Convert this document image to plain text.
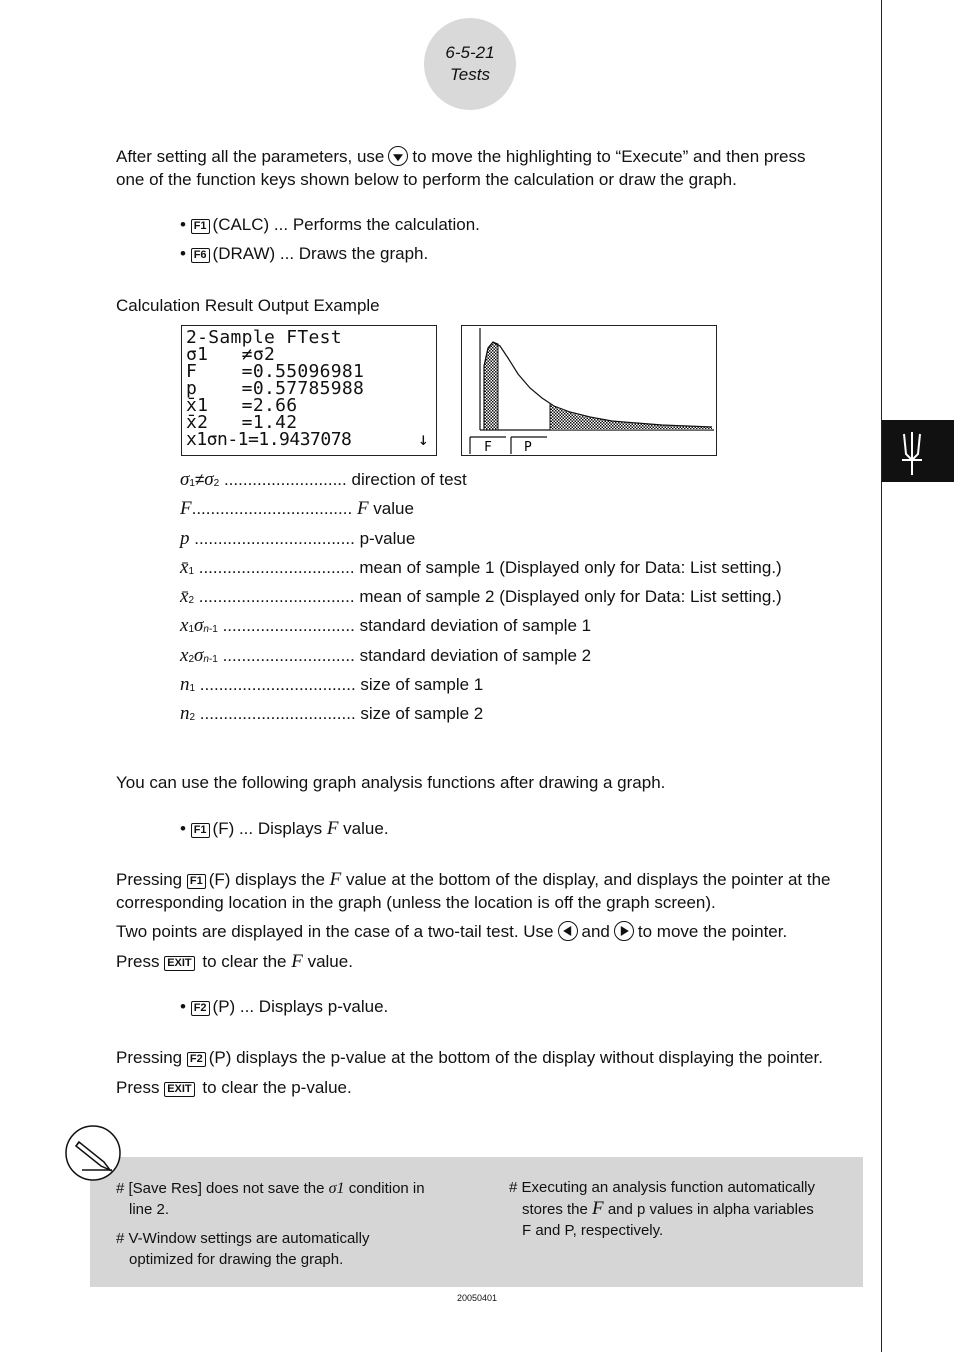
6-5-21
Tests
After setting all the parameters, use to move the highlighting to “Execute” and then press
one of the function keys shown below to perform the calculation or draw the graph.
• F1 (CALC) ... Performs the calculation.
• F6 (DRAW) ... Draws the graph.
Calculation Result Output Example
2-Sample FTest
σ1   ≠σ2
F    =0.55096981
p    =0.57785988
x̄1   =2.66
x̄2   =1.42
x1σn-1=1.9437078	↓	F P
σ1≠σ2 .......................... direction of test
F.................................. F value
p .................................. p-value
x̄1 ................................. mean of sample 1 (Displayed only for Data: List setting.)
x̄2 ................................. mean of sample 2 (Displayed only for Data: List setting.)
x1σn-1 ............................ standard deviation of sample 1
x2σn-1 ............................ standard deviation of sample 2
n1 ................................. size of sample 1
n2 ................................. size of sample 2
You can use the following graph analysis functions after drawing a graph.
• F1 (F) ... Displays F value.
Pressing F1 (F) displays the F value at the bottom of the display, and displays the pointer at the
corresponding location in the graph (unless the location is off the graph screen).
Two points are displayed in the case of a two-tail test. Use and to move the pointer.
Press EXIT to clear the F value.
• F2 (P) ... Displays p-value.
Pressing F2 (P) displays the p-value at the bottom of the display without displaying the pointer.
Press EXIT to clear the p-value.
# [Save Res] does not save the σ1 condition in
line 2.
# V-Window settings are automatically
optimized for drawing the graph.
# Executing an analysis function automatically
stores the F and p values in alpha variables
F and P, respectively.
20050401
